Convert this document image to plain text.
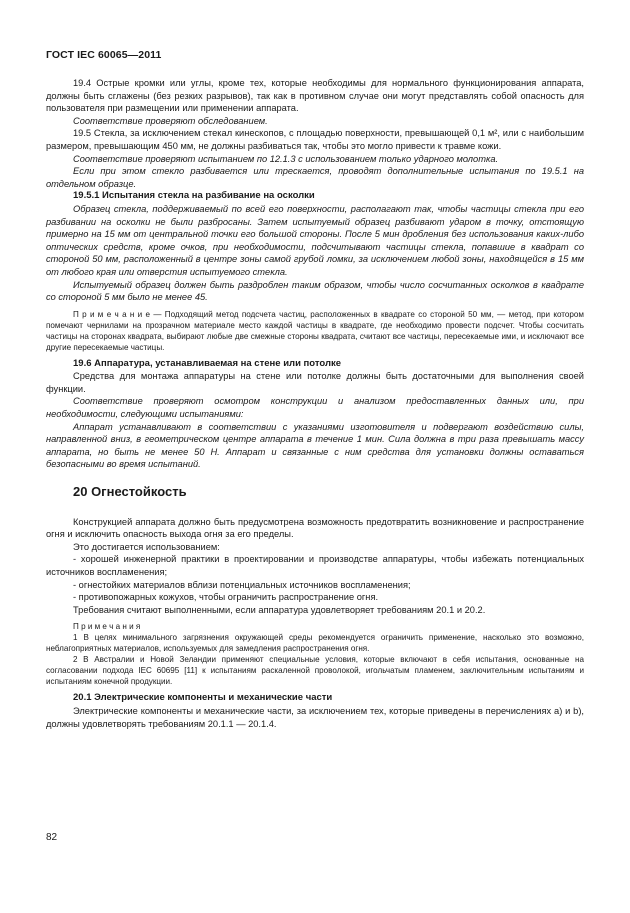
ГОСТ IEC 60065—2011

19.4 Острые кромки или углы, кроме тех, которые необходимы для нормального функционирования аппарата, должны быть сглажены (без резких разрывов), так как в противном случае они могут представлять собой опасность для пользователя при размещении или применении аппарата.

Соответствие проверяют обследованием.

19.5 Стекла, за исключением стекал кинескопов, с площадью поверхности, превышающей 0,1 м², или с наибольшим размером, превышающим 450 мм, не должны разбиваться так, чтобы это могло привести к травме кожи.

Соответствие проверяют испытанием по 12.1.3 с использованием только ударного молотка.

Если при этом стекло разбивается или трескается, проводят дополнительные испытания по 19.5.1 на отдельном образце.

19.5.1 Испытания стекла на разбивание на осколки

Образец стекла, поддерживаемый по всей его поверхности, располагают так, чтобы частицы стекла при его разбивании на осколки не были разбросаны. Затем испытуемый образец разбивают ударом в точку, отстоящую примерно на 15 мм от центральной точки его большой стороны. После 5 мин дробления без использования каких-либо оптических средств, кроме очков, при необходимости, подсчитывают частицы стекла, попавшие в квадрат со стороной 50 мм, расположенный в центре зоны самой грубой ломки, за исключением любой зоны, находящейся в 15 мм от любого края или отверстия испытуемого стекла.

Испытуемый образец должен быть раздроблен таким образом, чтобы число сосчитанных осколков в квадрате со стороной 5 мм было не менее 45.

П р и м е ч а н и е — Подходящий метод подсчета частиц, расположенных в квадрате со стороной 50 мм, — метод, при котором помечают чернилами на прозрачном материале место каждой частицы в квадрате, где необходимо провести подсчет. Чтобы сосчитать частицы на сторонах квадрата, выбирают любые две смежные стороны квадрата, считают все частицы, пересекаемые ими, и исключают все другие пересекаемые частицы.

19.6 Аппаратура, устанавливаемая на стене или потолке

Средства для монтажа аппаратуры на стене или потолке должны быть достаточными для выполнения своей функции.

Соответствие проверяют осмотром конструкции и анализом предоставленных данных или, при необходимости, следующими испытаниями:

Аппарат устанавливают в соответствии с указаниями изготовителя и подвергают воздействию силы, направленной вниз, в геометрическом центре аппарата в течение 1 мин. Сила должна в три раза превышать массу аппарата, но быть не менее 50 Н. Аппарат и связанные с ним средства для установки должны оставаться безопасными во время испытаний.

20 Огнестойкость

Конструкцией аппарата должно быть предусмотрена возможность предотвратить возникновение и распространение огня и исключить опасность выхода огня за его пределы.

Это достигается использованием:

- хорошей инженерной практики в проектировании и производстве аппаратуры, чтобы избежать потенциальных источников воспламенения;

- огнестойких материалов вблизи потенциальных источников воспламенения;

- противопожарных кожухов, чтобы ограничить распространение огня.

Требования считают выполненными, если аппаратура удовлетворяет требованиям 20.1 и 20.2.

П р и м е ч а н и я

1 В целях минимального загрязнения окружающей среды рекомендуется ограничить применение, насколько это возможно, неблагоприятных материалов, используемых для замедления распространения огня.

2 В Австралии и Новой Зеландии применяют специальные условия, которые включают в себя испытания, основанные на согласовании подхода IEC 60695 [11] к испытаниям раскаленной проволокой, игольчатым пламенем, заключительным испытаниям и испытаниям конечной продукции.

20.1 Электрические компоненты и механические части

Электрические компоненты и механические части, за исключением тех, которые приведены в перечислениях а) и b), должны удовлетворять требованиям 20.1.1 — 20.1.4.

82
